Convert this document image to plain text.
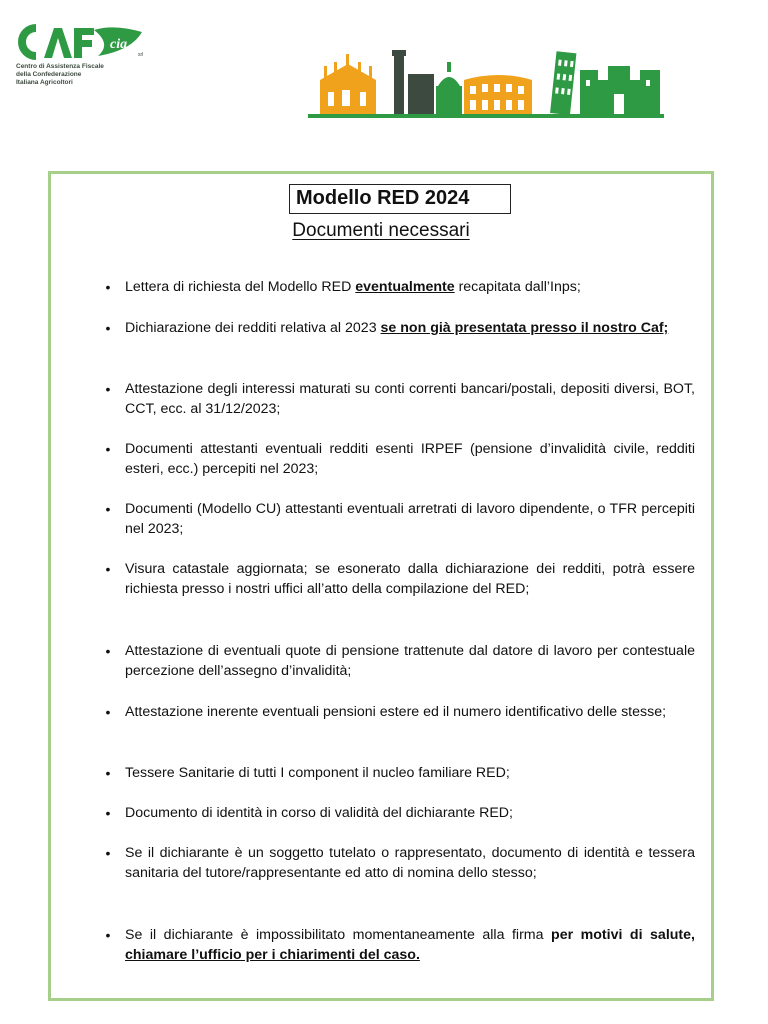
cia
srl
Centro di Assistenza Fiscale
della Confederazione
Italiana Agricoltori
Modello RED 2024
Documenti necessari
• Lettera di richiesta del Modello RED eventualmente recapitata dall’Inps;
• Dichiarazione dei redditi relativa al 2023 se non già presentata presso il nostro Caf;
• Attestazione degli interessi maturati su conti correnti bancari/postali, depositi diversi, BOT, CCT, ecc. al 31/12/2023;
• Documenti attestanti eventuali redditi esenti IRPEF (pensione d’invalidità civile, redditi esteri, ecc.) percepiti nel 2023;
• Documenti (Modello CU) attestanti eventuali arretrati di lavoro dipendente, o TFR percepiti nel 2023;
• Visura catastale aggiornata; se esonerato dalla dichiarazione dei redditi, potrà essere richiesta presso i nostri uffici all’atto della compilazione del RED;
• Attestazione di eventuali quote di pensione trattenute dal datore di lavoro per contestuale percezione dell’assegno d’invalidità;
• Attestazione inerente eventuali pensioni estere ed il numero identificativo delle stesse;
• Tessere Sanitarie di tutti I component il nucleo familiare RED;
• Documento di identità in corso di validità del dichiarante RED;
• Se il dichiarante è un soggetto tutelato o rappresentato, documento di identità e tessera sanitaria del tutore/rappresentante ed atto di nomina dello stesso;
• Se il dichiarante è impossibilitato momentaneamente alla firma per motivi di salute, chiamare l’ufficio per i chiarimenti del caso.
